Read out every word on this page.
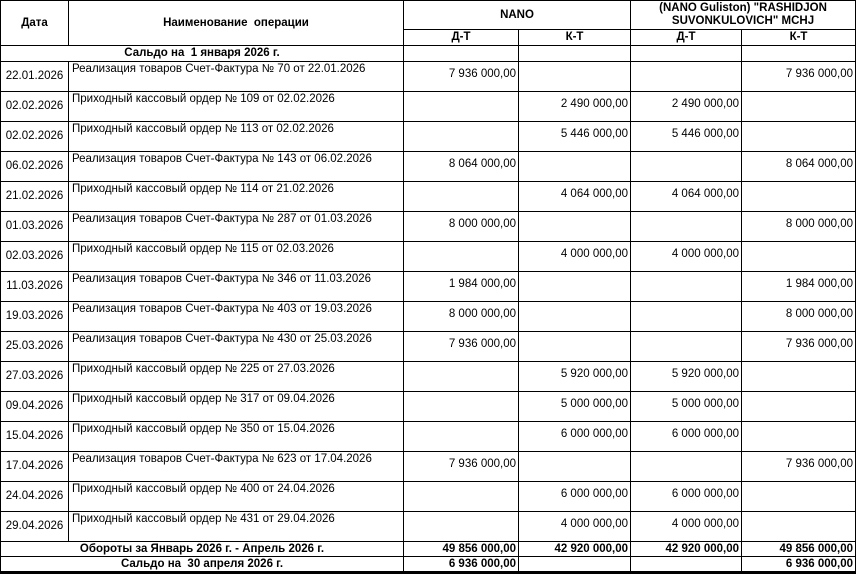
Дата	Наименование  операции	NANO		(NANO Guliston) "RASHIDJON SUVONKULOVICH" MCHJ	
		Д-Т	К-Т	Д-Т	К-Т
Сальдо на  1 января 2026 г.					
22.01.2026	Реализация товаров Счет-Фактура № 70 от 22.01.2026	7 936 000,00			7 936 000,00
02.02.2026	Приходный кассовый ордер № 109 от 02.02.2026		2 490 000,00	2 490 000,00	
02.02.2026	Приходный кассовый ордер № 113 от 02.02.2026		5 446 000,00	5 446 000,00	
06.02.2026	Реализация товаров Счет-Фактура № 143 от 06.02.2026	8 064 000,00			8 064 000,00
21.02.2026	Приходный кассовый ордер № 114 от 21.02.2026		4 064 000,00	4 064 000,00	
01.03.2026	Реализация товаров Счет-Фактура № 287 от 01.03.2026	8 000 000,00			8 000 000,00
02.03.2026	Приходный кассовый ордер № 115 от 02.03.2026		4 000 000,00	4 000 000,00	
11.03.2026	Реализация товаров Счет-Фактура № 346 от 11.03.2026	1 984 000,00			1 984 000,00
19.03.2026	Реализация товаров Счет-Фактура № 403 от 19.03.2026	8 000 000,00			8 000 000,00
25.03.2026	Реализация товаров Счет-Фактура № 430 от 25.03.2026	7 936 000,00			7 936 000,00
27.03.2026	Приходный кассовый ордер № 225 от 27.03.2026		5 920 000,00	5 920 000,00	
09.04.2026	Приходный кассовый ордер № 317 от 09.04.2026		5 000 000,00	5 000 000,00	
15.04.2026	Приходный кассовый ордер № 350 от 15.04.2026		6 000 000,00	6 000 000,00	
17.04.2026	Реализация товаров Счет-Фактура № 623 от 17.04.2026	7 936 000,00			7 936 000,00
24.04.2026	Приходный кассовый ордер № 400 от 24.04.2026		6 000 000,00	6 000 000,00	
29.04.2026	Приходный кассовый ордер № 431 от 29.04.2026		4 000 000,00	4 000 000,00	
Обороты за Январь 2026 г. - Апрель 2026 г.		49 856 000,00	42 920 000,00	42 920 000,00	49 856 000,00
Сальдо на  30 апреля 2026 г.		6 936 000,00			6 936 000,00
